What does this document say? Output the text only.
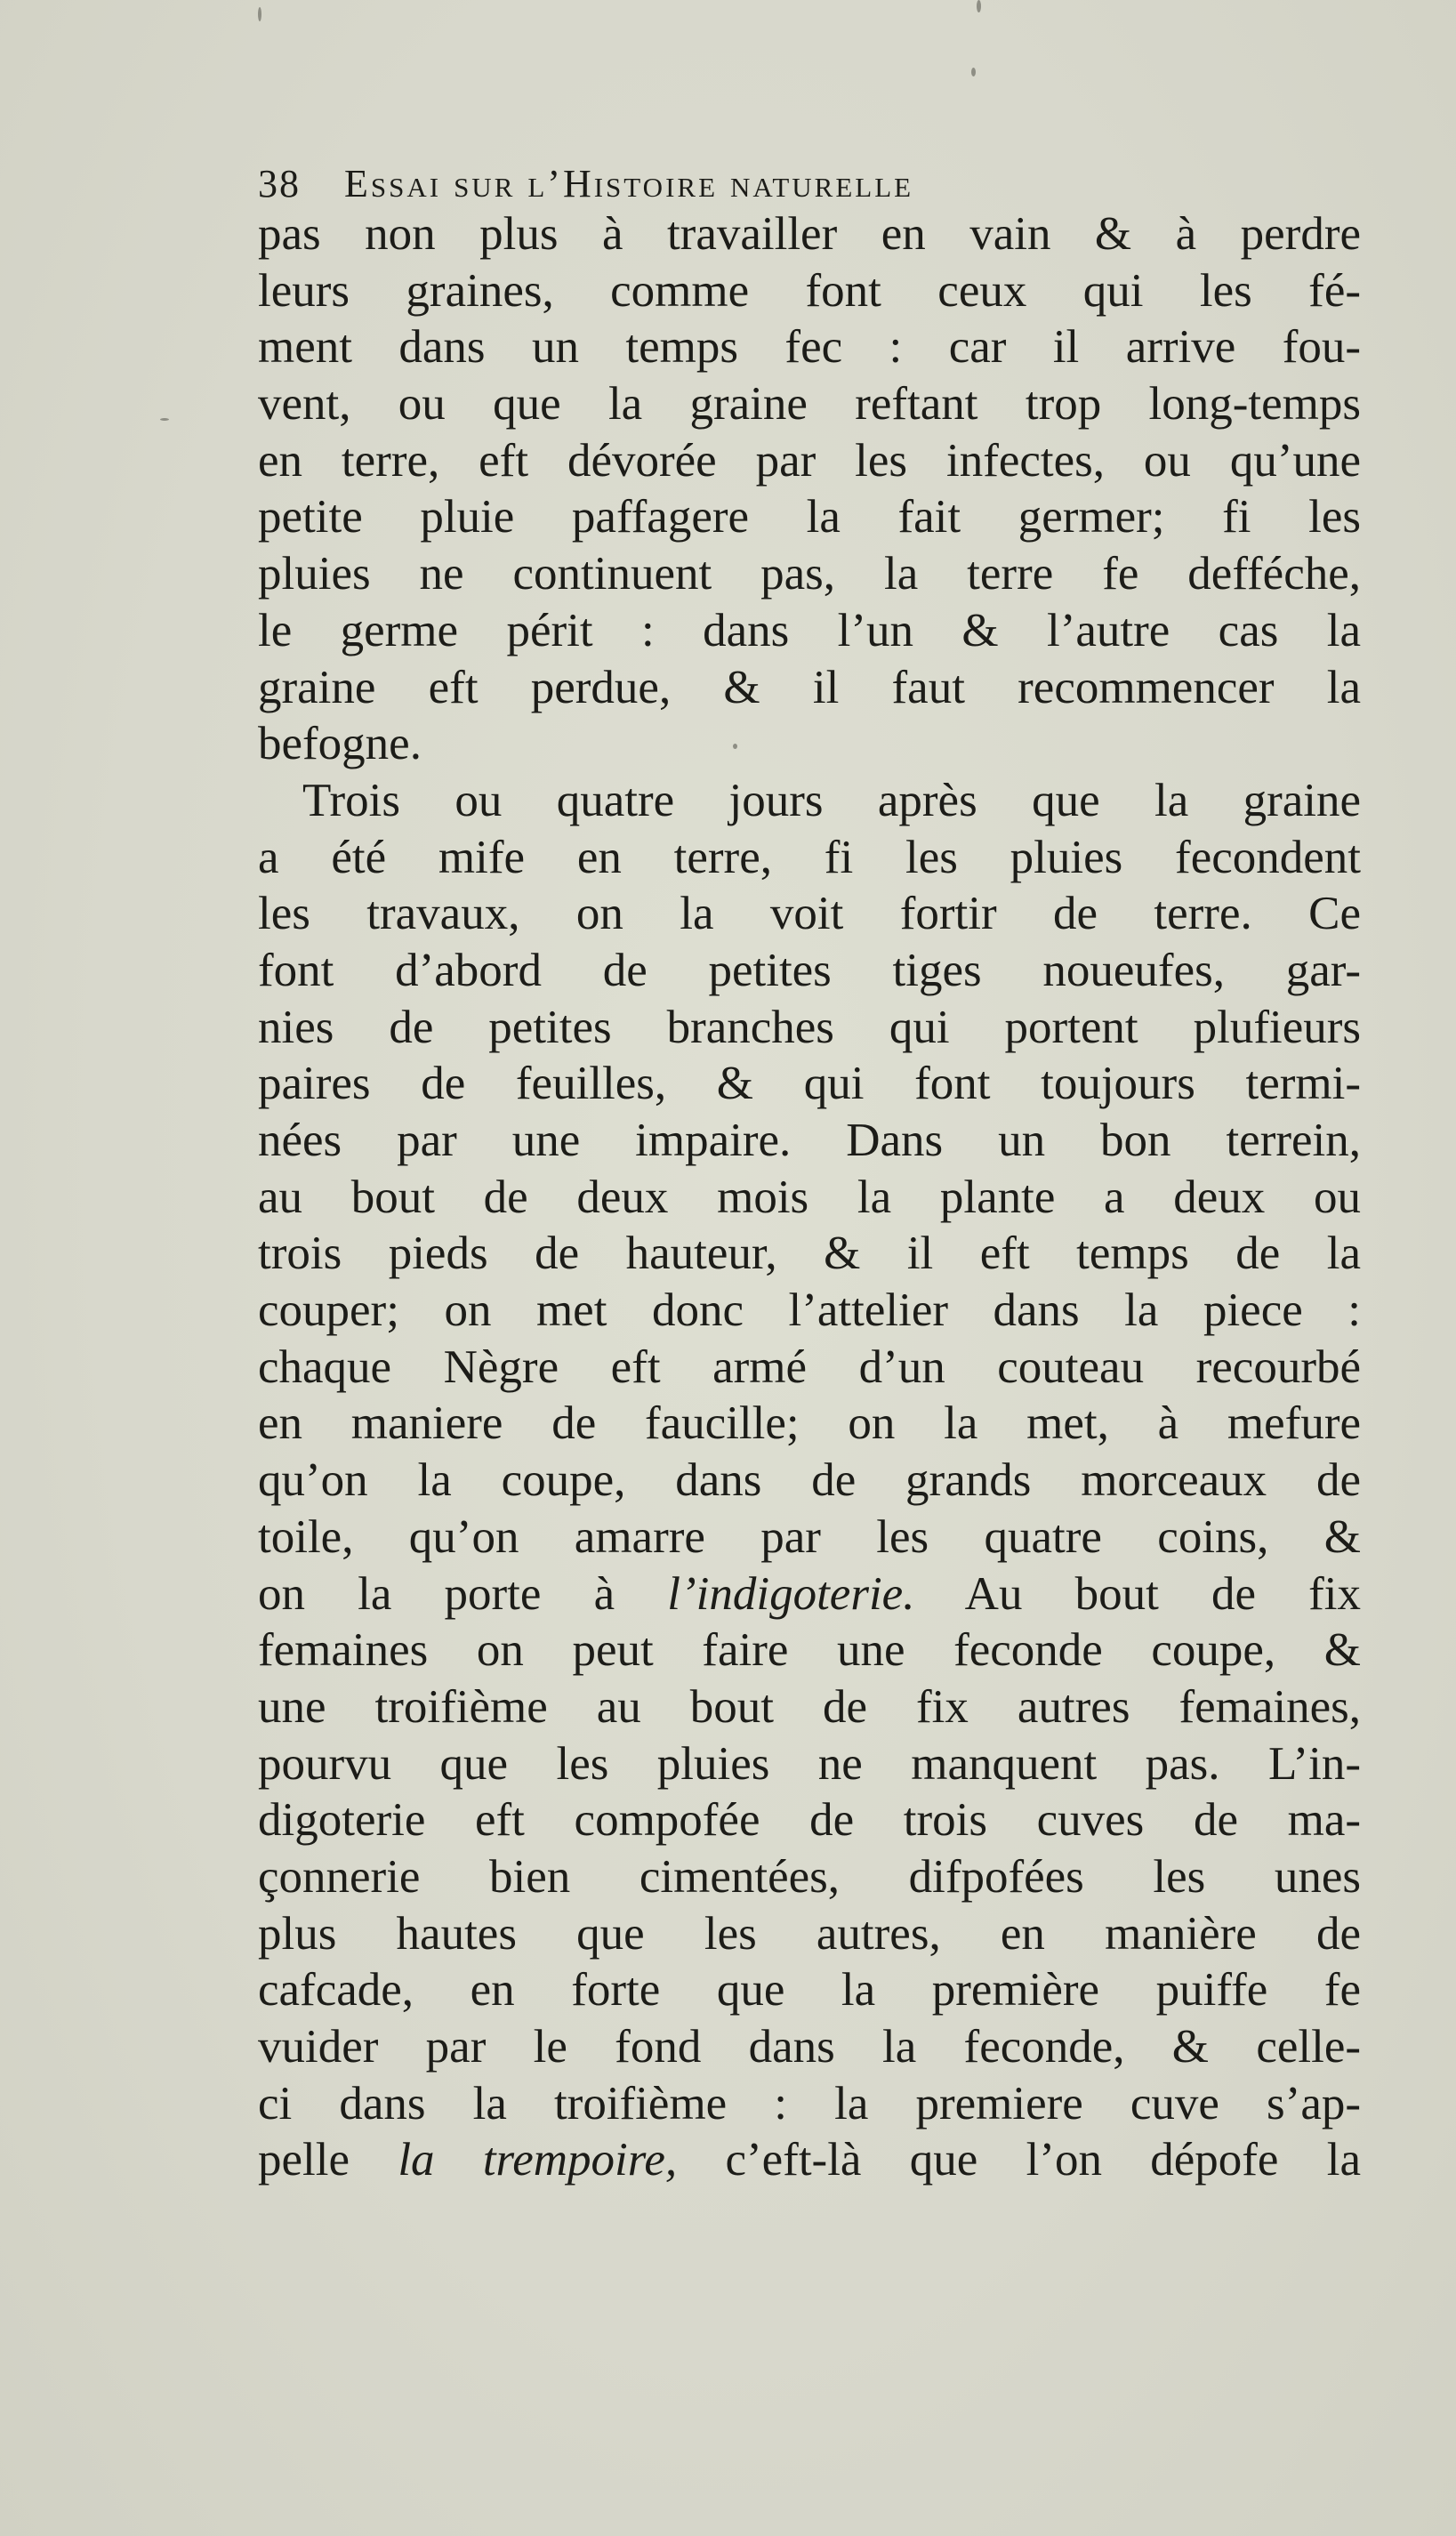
38 Essai sur l’Histoire naturelle
pas non plus à travailler en vain & à perdre
leurs graines, comme font ceux qui les fé-
ment dans un temps fec : car il arrive fou-
vent, ou que la graine reftant trop long-temps
en terre, eft dévorée par les infectes, ou qu’une
petite pluie paffagere la fait germer; fi les
pluies ne continuent pas, la terre fe defféche,
le germe périt : dans l’un & l’autre cas la
graine eft perdue, & il faut recommencer la
befogne.
Trois ou quatre jours après que la graine
a été mife en terre, fi les pluies fecondent
les travaux, on la voit fortir de terre. Ce
font d’abord de petites tiges noueufes, gar-
nies de petites branches qui portent plufieurs
paires de feuilles, & qui font toujours termi-
nées par une impaire. Dans un bon terrein,
au bout de deux mois la plante a deux ou
trois pieds de hauteur, & il eft temps de la
couper; on met donc l’attelier dans la piece :
chaque Nègre eft armé d’un couteau recourbé
en maniere de faucille; on la met, à mefure
qu’on la coupe, dans de grands morceaux de
toile, qu’on amarre par les quatre coins, &
on la porte à l’indigoterie. Au bout de fix
femaines on peut faire une feconde coupe, &
une troifième au bout de fix autres femaines,
pourvu que les pluies ne manquent pas. L’in-
digoterie eft compofée de trois cuves de ma-
çonnerie bien cimentées, difpofées les unes
plus hautes que les autres, en manière de
cafcade, en forte que la première puiffe fe
vuider par le fond dans la feconde, & celle-
ci dans la troifième : la premiere cuve s’ap-
pelle la trempoire, c’eft-là que l’on dépofe la
